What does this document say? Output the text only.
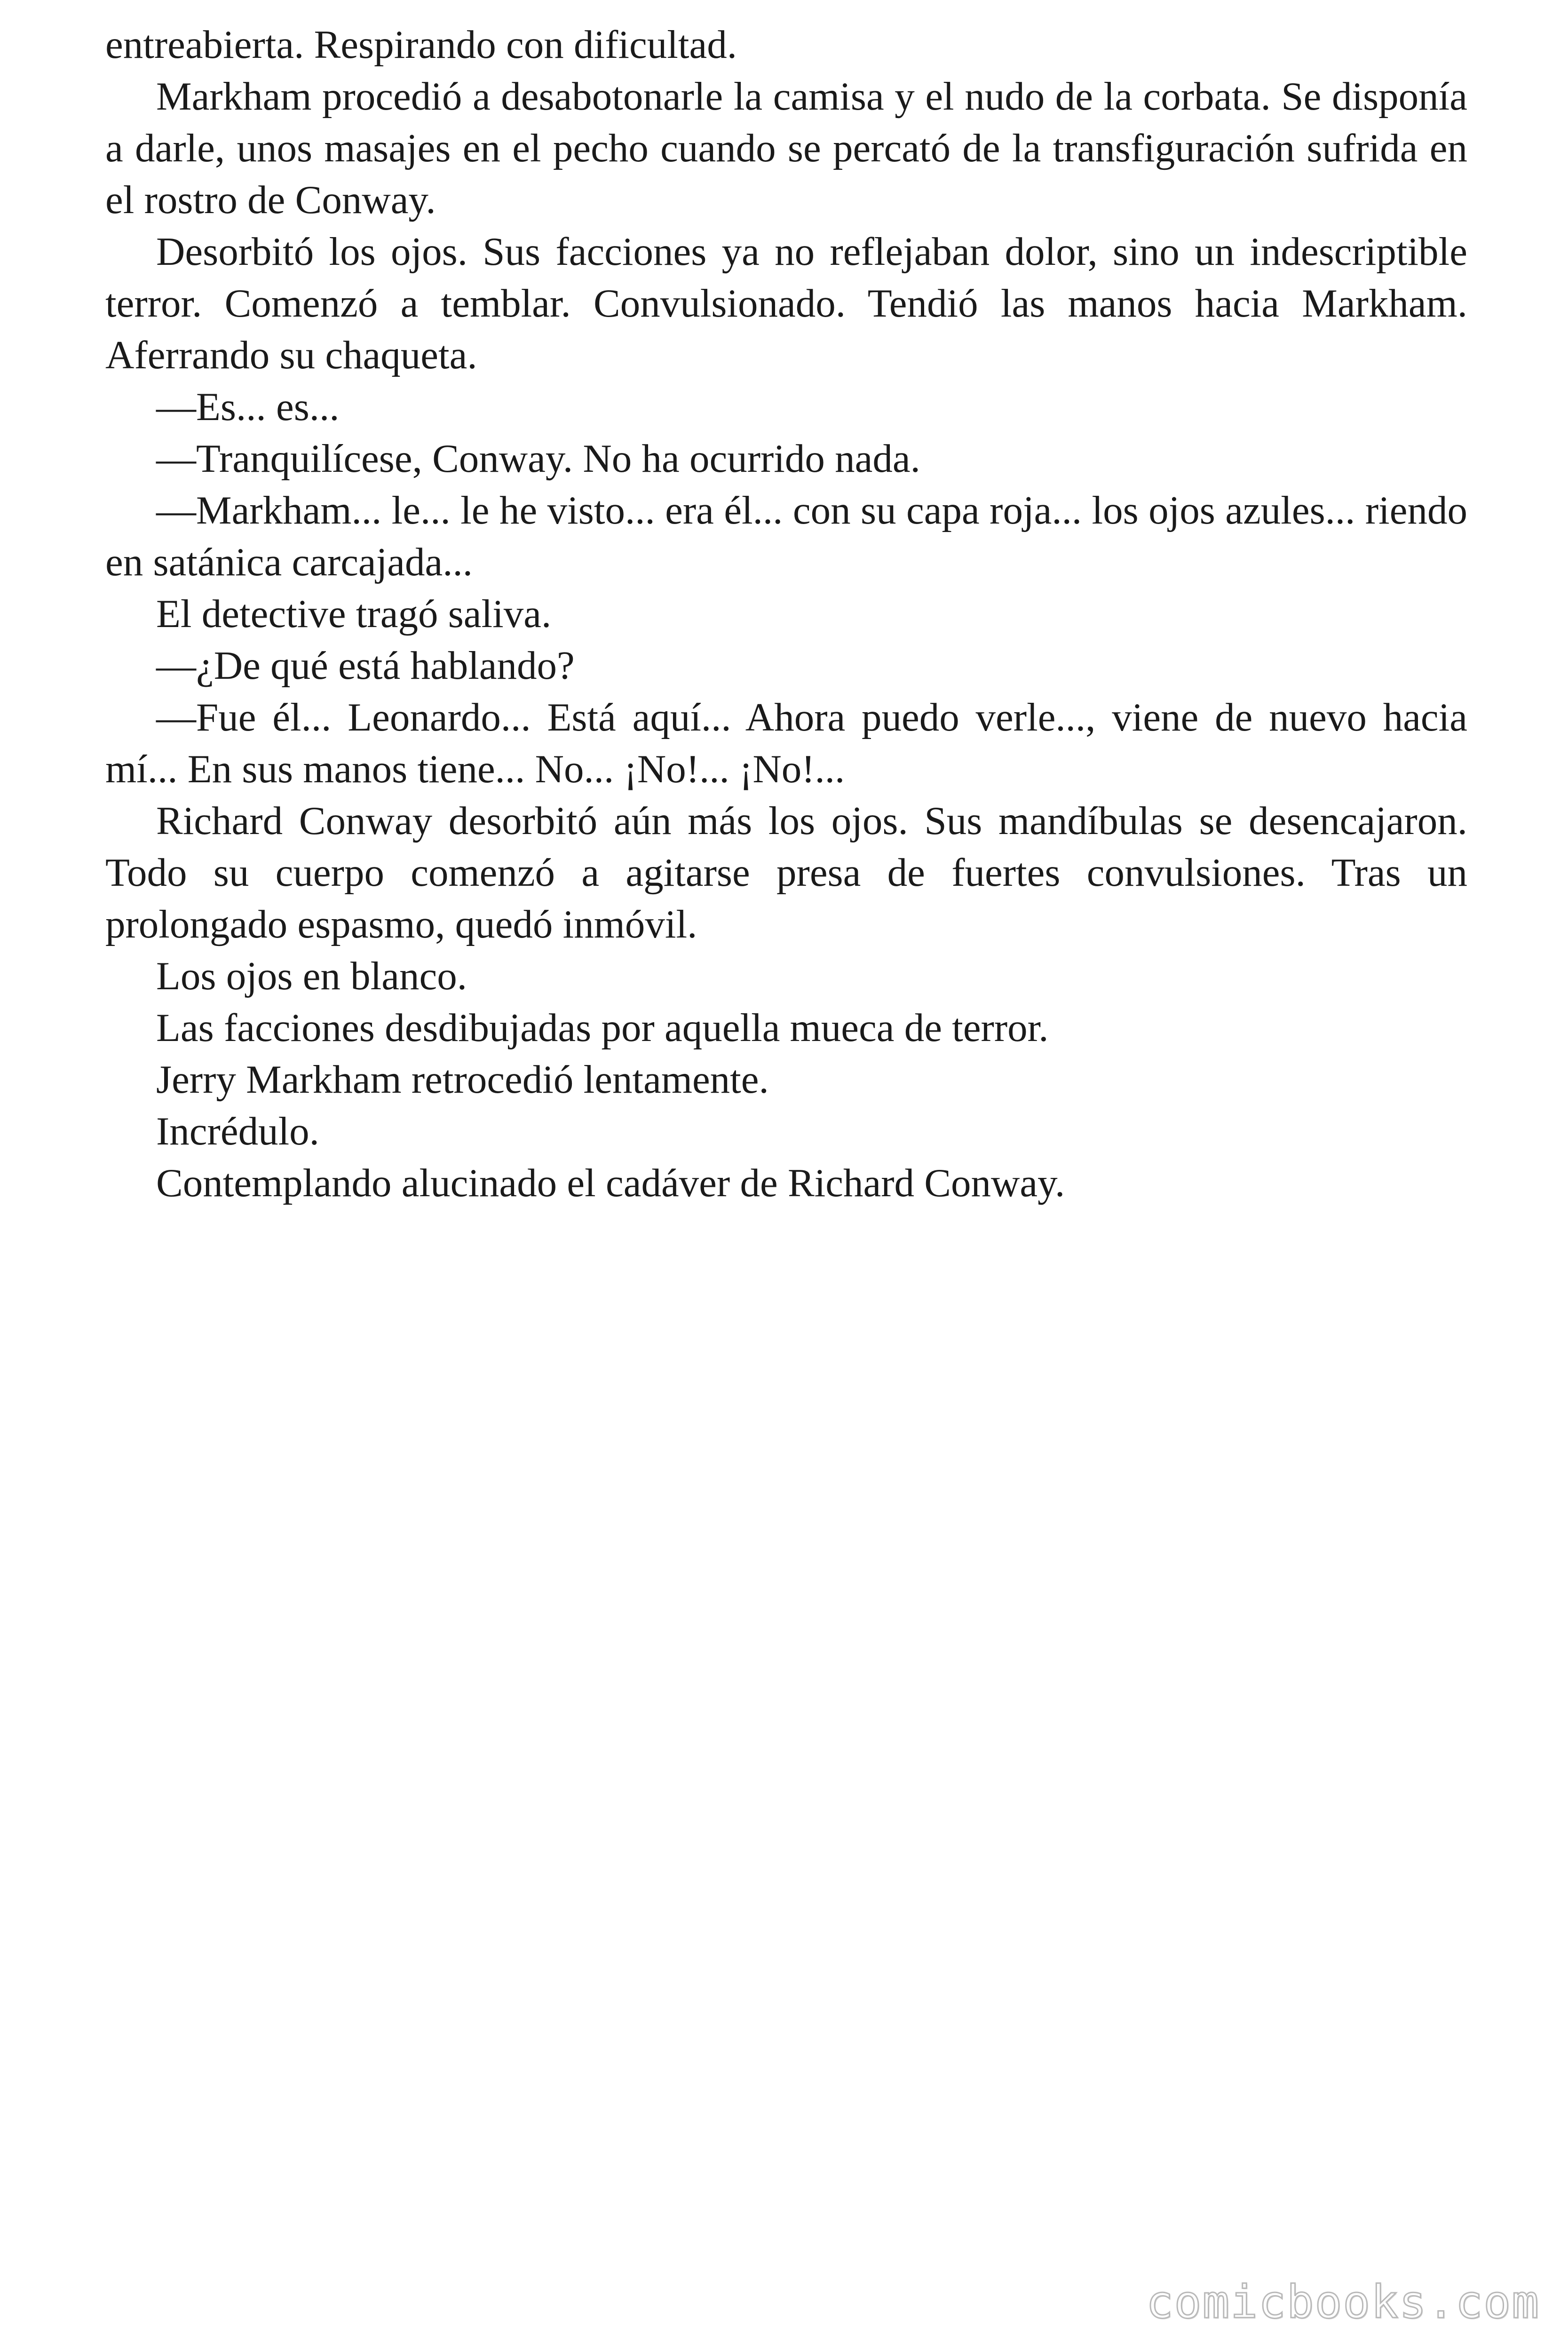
entreabierta. Respirando con dificultad.

Markham procedió a desabotonarle la camisa y el nudo de la corbata. Se disponía a darle, unos masajes en el pecho cuando se percató de la transfiguración sufrida en el rostro de Conway.

Desorbitó los ojos. Sus facciones ya no reflejaban dolor, sino un indescriptible terror. Comenzó a temblar. Convulsionado. Tendió las manos hacia Markham. Aferrando su chaqueta.

—Es... es...

—Tranquilícese, Conway. No ha ocurrido nada.

—Markham... le... le he visto... era él... con su capa roja... los ojos azules... riendo en satánica carcajada...

El detective tragó saliva.

—¿De qué está hablando?

—Fue él... Leonardo... Está aquí... Ahora puedo verle..., viene de nuevo hacia mí... En sus manos tiene... No... ¡No!... ¡No!...

Richard Conway desorbitó aún más los ojos. Sus mandíbulas se desencajaron. Todo su cuerpo comenzó a agitarse presa de fuertes convulsiones. Tras un prolongado espasmo, quedó inmóvil.

Los ojos en blanco.

Las facciones desdibujadas por aquella mueca de terror.

Jerry Markham retrocedió lentamente.

Incrédulo.

Contemplando alucinado el cadáver de Richard Conway.

comicbooks.com
